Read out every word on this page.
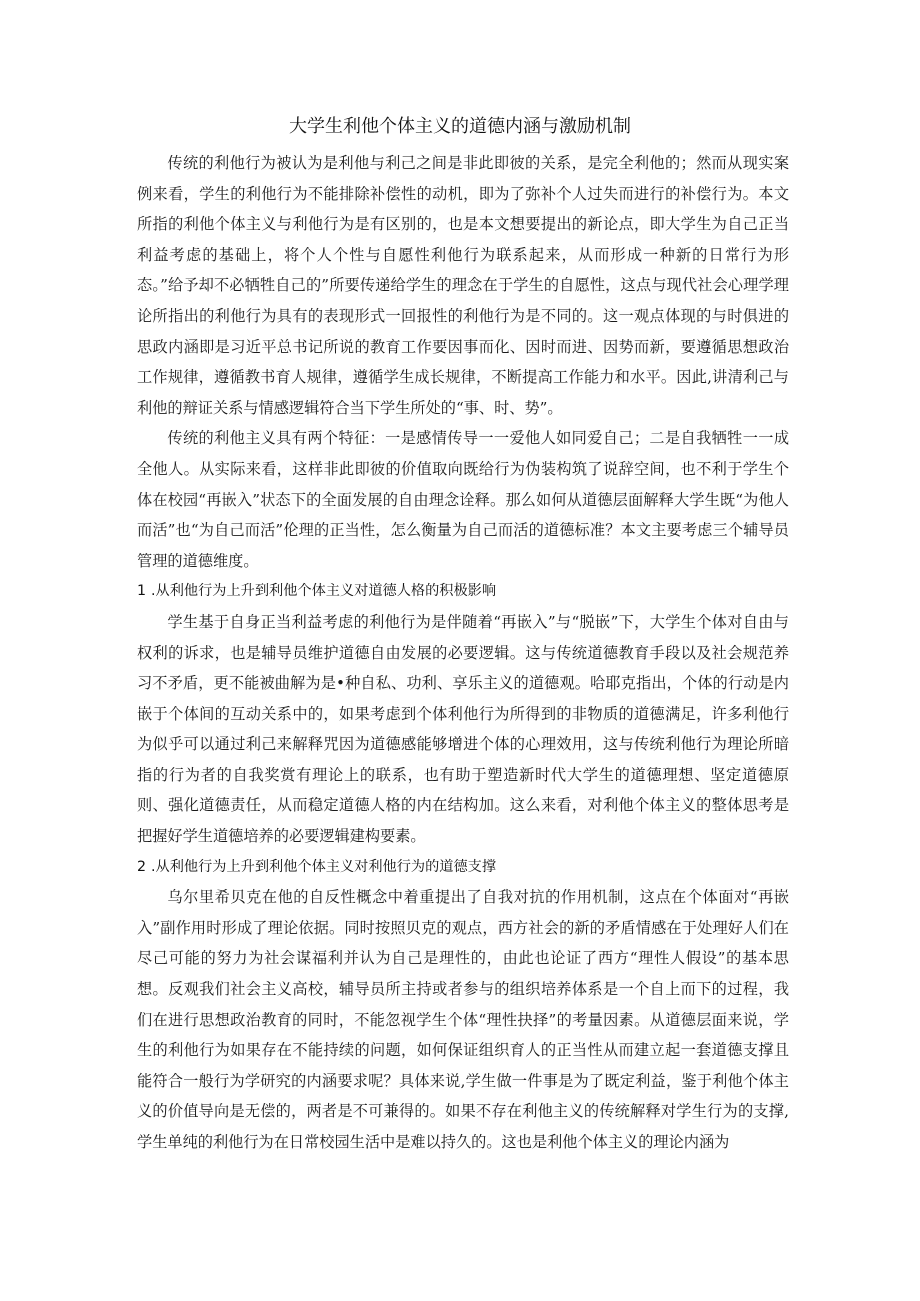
大学生利他个体主义的道德内涵与激励机制

传统的利他行为被认为是利他与利己之间是非此即彼的关系，是完全利他的；然而从现实案例来看，学生的利他行为不能排除补偿性的动机，即为了弥补个人过失而进行的补偿行为。本文所指的利他个体主义与利他行为是有区别的，也是本文想要提出的新论点，即大学生为自己正当利益考虑的基础上，将个人个性与自愿性利他行为联系起来，从而形成一种新的日常行为形态。”给予却不必牺牲自己的”所要传递给学生的理念在于学生的自愿性，这点与现代社会心理学理论所指出的利他行为具有的表现形式一回报性的利他行为是不同的。这一观点体现的与时俱进的思政内涵即是习近平总书记所说的教育工作要因事而化、因时而进、因势而新，要遵循思想政治工作规律，遵循教书育人规律，遵循学生成长规律，不断提高工作能力和水平。因此,讲清利己与利他的辩证关系与情感逻辑符合当下学生所处的“事、时、势”。

传统的利他主义具有两个特征：一是感情传导一一爱他人如同爱自己；二是自我牺牲一一成全他人。从实际来看，这样非此即彼的价值取向既给行为伪装构筑了说辞空间，也不利于学生个体在校园“再嵌入”状态下的全面发展的自由理念诠释。那么如何从道德层面解释大学生既“为他人而活”也“为自己而活”伦理的正当性，怎么衡量为自己而活的道德标准？本文主要考虑三个辅导员管理的道德维度。

1 .从利他行为上升到利他个体主义对道德人格的积极影响

学生基于自身正当利益考虑的利他行为是伴随着“再嵌入”与“脱嵌”下，大学生个体对自由与权利的诉求，也是辅导员维护道德自由发展的必要逻辑。这与传统道德教育手段以及社会规范养习不矛盾，更不能被曲解为是•种自私、功利、享乐主义的道德观。哈耶克指出，个体的行动是内嵌于个体间的互动关系中的，如果考虑到个体利他行为所得到的非物质的道德满足，许多利他行为似乎可以通过利己来解释咒因为道德感能够增进个体的心理效用，这与传统利他行为理论所暗指的行为者的自我奖赏有理论上的联系，也有助于塑造新时代大学生的道德理想、坚定道德原则、强化道德责任，从而稳定道德人格的内在结构加。这么来看，对利他个体主义的整体思考是把握好学生道德培养的必要逻辑建构要素。

2 .从利他行为上升到利他个体主义对利他行为的道德支撑

乌尔里希贝克在他的自反性概念中着重提出了自我对抗的作用机制，这点在个体面对“再嵌入”副作用时形成了理论依据。同时按照贝克的观点，西方社会的新的矛盾情感在于处理好人们在尽己可能的努力为社会谋福利并认为自己是理性的，由此也论证了西方“理性人假设”的基本思想。反观我们社会主义高校，辅导员所主持或者参与的组织培养体系是一个自上而下的过程，我们在进行思想政治教育的同时，不能忽视学生个体“理性抉择”的考量因素。从道德层面来说，学生的利他行为如果存在不能持续的问题，如何保证组织育人的正当性从而建立起一套道德支撑且能符合一般行为学研究的内涵要求呢？具体来说,学生做一件事是为了既定利益，鉴于利他个体主义的价值导向是无偿的，两者是不可兼得的。如果不存在利他主义的传统解释对学生行为的支撑,学生单纯的利他行为在日常校园生活中是难以持久的。这也是利他个体主义的理论内涵为
